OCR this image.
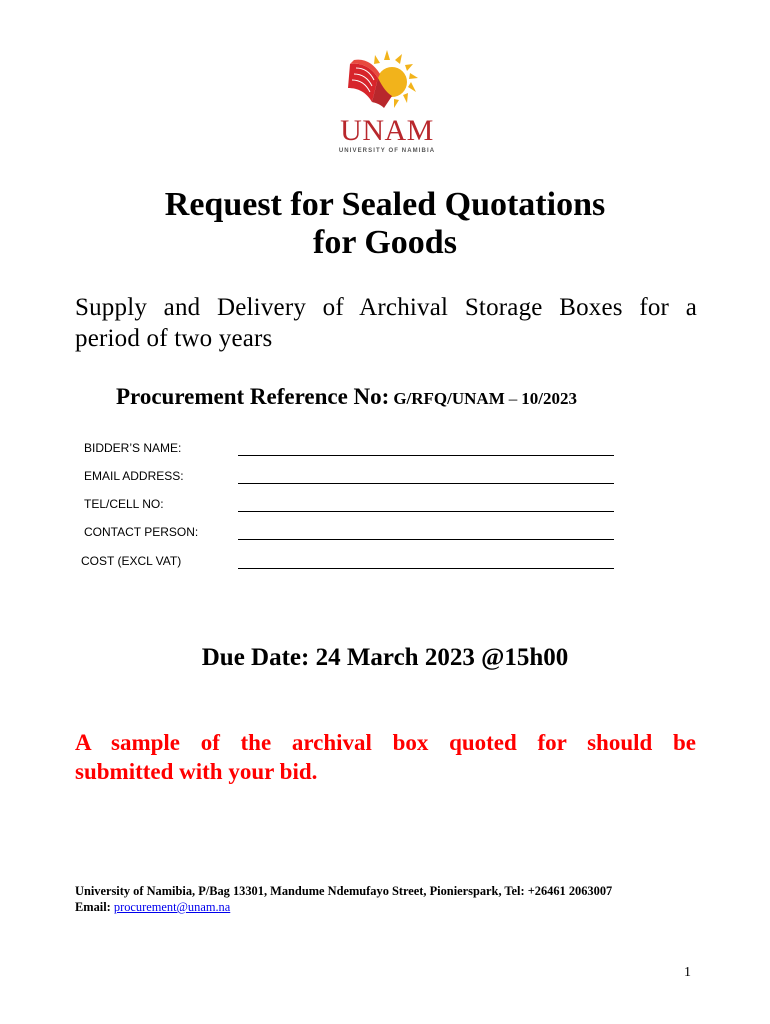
UNAM
UNIVERSITY OF NAMIBIA
Request for Sealed Quotations
for Goods
Supply and Delivery of Archival Storage Boxes for a
period of two years
Procurement Reference No: G/RFQ/UNAM – 10/2023
BIDDER’S NAME:
EMAIL ADDRESS:
TEL/CELL NO:
CONTACT PERSON:
COST (EXCL VAT)
Due Date: 24 March 2023 @15h00
A sample of the archival box quoted for should be
submitted with your bid.
University of Namibia, P/Bag 13301, Mandume Ndemufayo Street, Pionierspark, Tel: +26461 2063007
Email: procurement@unam.na
1
